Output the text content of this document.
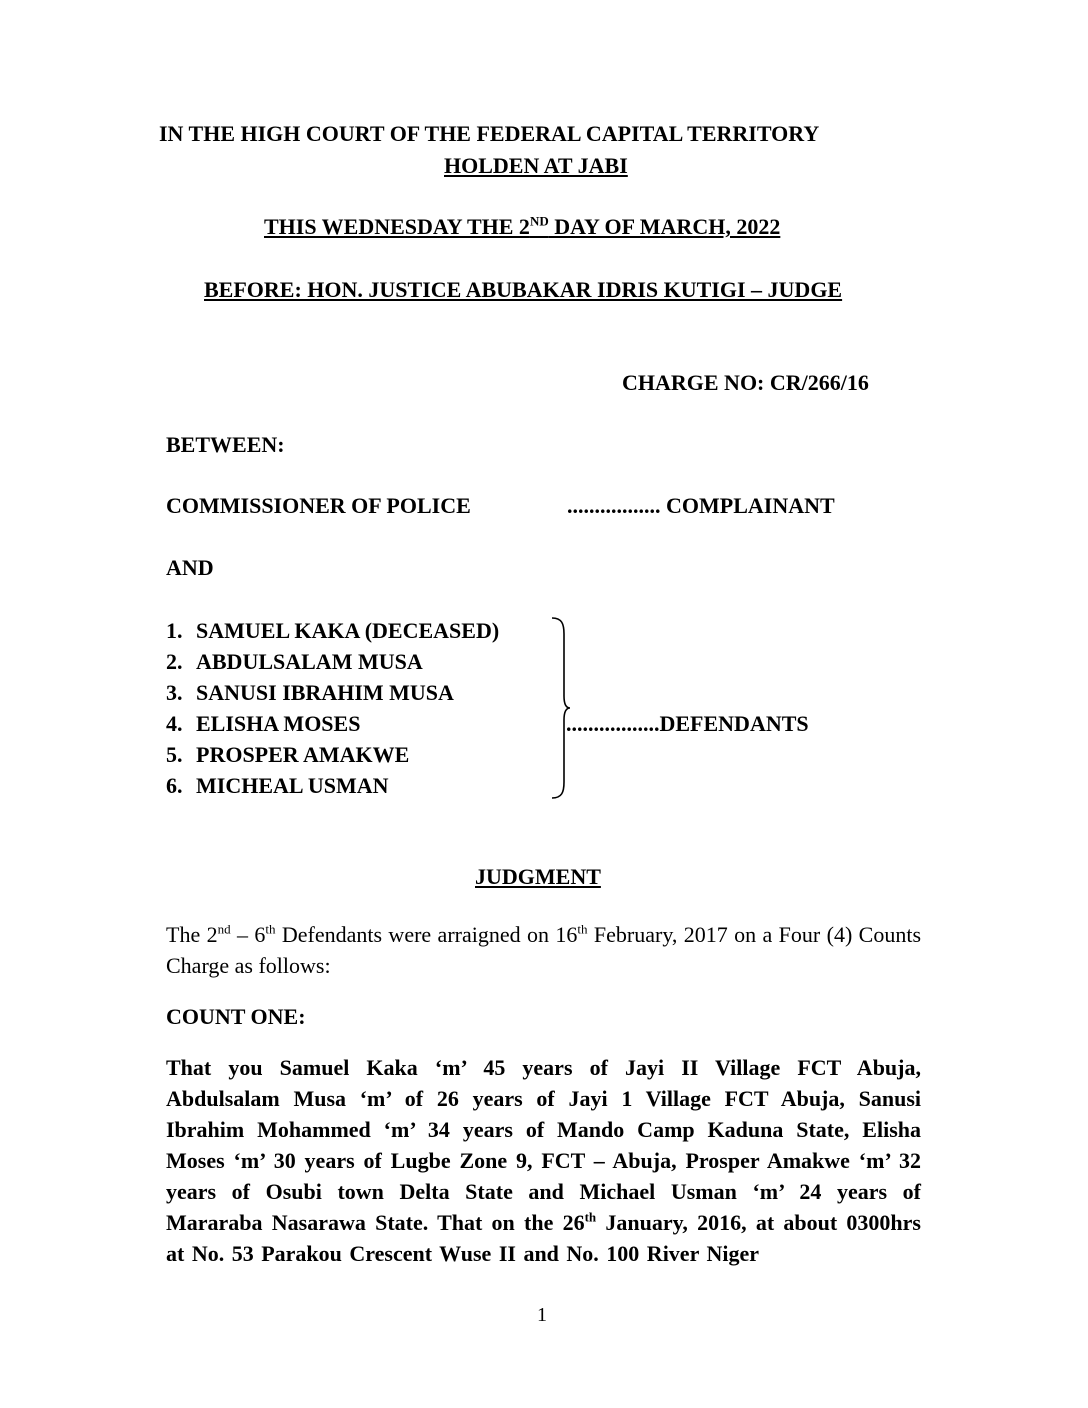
IN THE HIGH COURT OF THE FEDERAL CAPITAL TERRITORY
HOLDEN AT JABI
THIS WEDNESDAY THE 2ND DAY OF MARCH, 2022
BEFORE: HON. JUSTICE ABUBAKAR IDRIS KUTIGI – JUDGE
CHARGE NO: CR/266/16
BETWEEN:
COMMISSIONER OF POLICE	................. COMPLAINANT
AND
1. SAMUEL KAKA (DECEASED)
2. ABDULSALAM MUSA
3. SANUSI IBRAHIM MUSA
4. ELISHA MOSES
5. PROSPER AMAKWE
6. MICHEAL USMAN
.................DEFENDANTS
JUDGMENT
The 2nd – 6th Defendants were arraigned on 16th February, 2017 on a Four (4) Counts Charge as follows:
COUNT ONE:
That you Samuel Kaka ‘m’ 45 years of Jayi II Village FCT Abuja, Abdulsalam Musa ‘m’ of 26 years of Jayi 1 Village FCT Abuja, Sanusi Ibrahim Mohammed ‘m’ 34 years of Mando Camp Kaduna State, Elisha Moses ‘m’ 30 years of Lugbe Zone 9, FCT – Abuja, Prosper Amakwe ‘m’ 32 years of Osubi town Delta State and Michael Usman ‘m’ 24 years of Mararaba Nasarawa State. That on the 26th January, 2016, at about 0300hrs at No. 53 Parakou Crescent Wuse II and No. 100 River Niger
1
